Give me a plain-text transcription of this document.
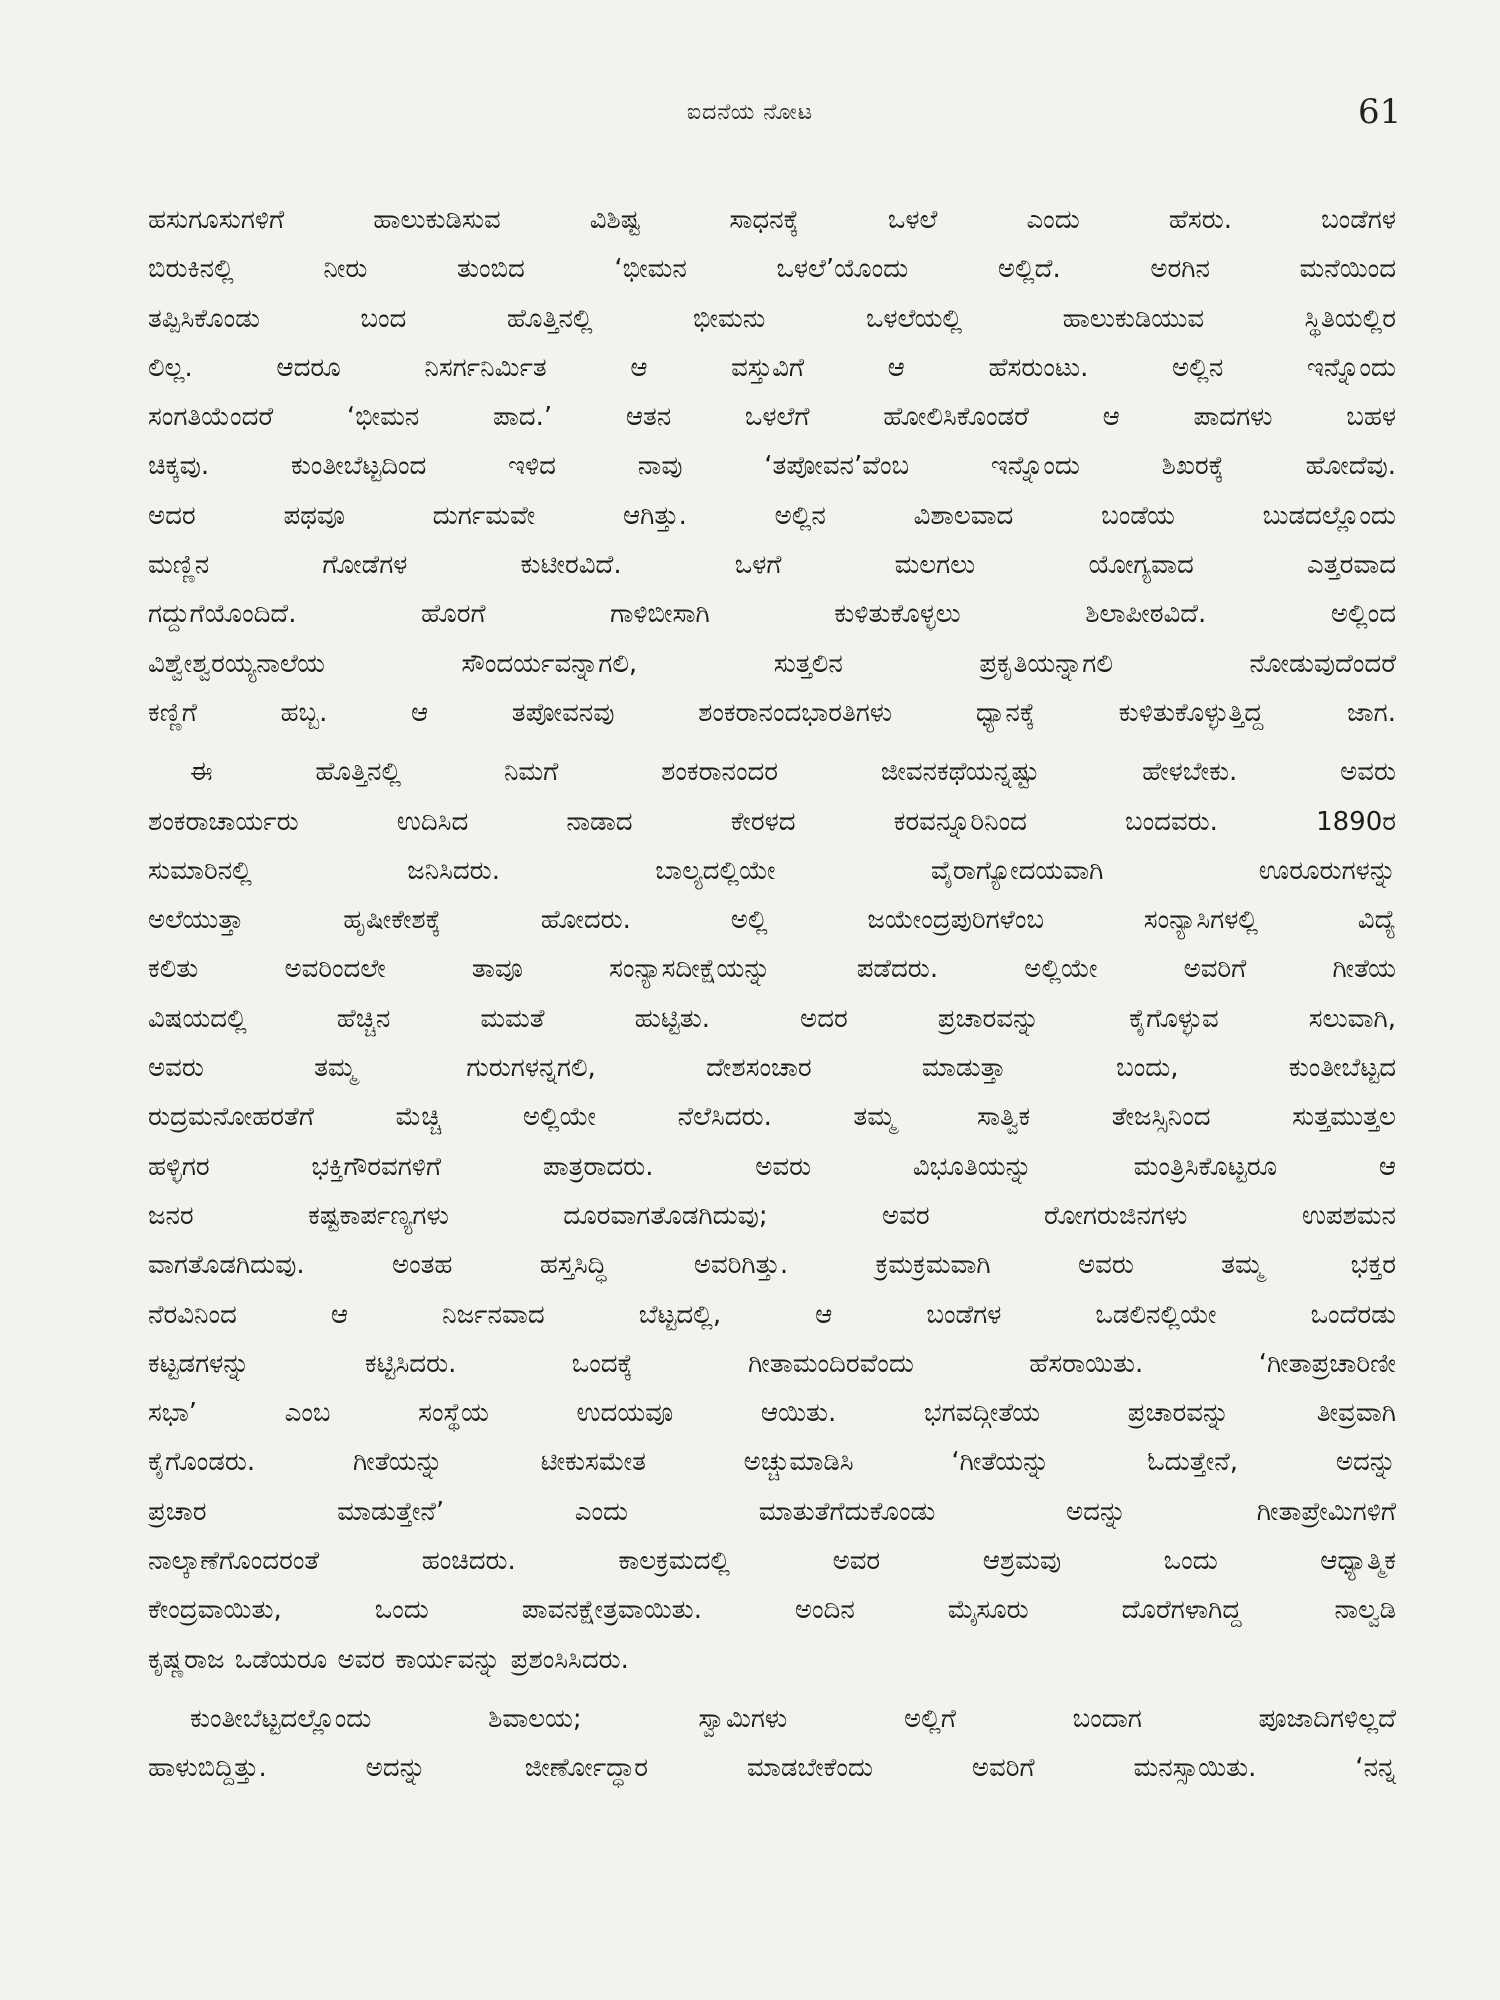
ಐದನೆಯ ನೋಟ	61
ಹಸುಗೂಸುಗಳಿಗೆ ಹಾಲುಕುಡಿಸುವ ವಿಶಿಷ್ಟ ಸಾಧನಕ್ಕೆ ಒಳಲೆ ಎಂದು ಹೆಸರು. ಬಂಡೆಗಳ
ಬಿರುಕಿನಲ್ಲಿ ನೀರು ತುಂಬಿದ ‘ಭೀಮನ ಒಳಲೆ’ಯೊಂದು ಅಲ್ಲಿದೆ. ಅರಗಿನ ಮನೆಯಿಂದ
ತಪ್ಪಿಸಿಕೊಂಡು ಬಂದ ಹೊತ್ತಿನಲ್ಲಿ ಭೀಮನು ಒಳಲೆಯಲ್ಲಿ ಹಾಲುಕುಡಿಯುವ ಸ್ಥಿತಿಯಲ್ಲಿರ
ಲಿಲ್ಲ. ಆದರೂ ನಿಸರ್ಗನಿರ್ಮಿತ ಆ ವಸ್ತುವಿಗೆ ಆ ಹೆಸರುಂಟು. ಅಲ್ಲಿನ ಇನ್ನೊಂದು
ಸಂಗತಿಯೆಂದರೆ ‘ಭೀಮನ ಪಾದ.’ ಆತನ ಒಳಲೆಗೆ ಹೋಲಿಸಿಕೊಂಡರೆ ಆ ಪಾದಗಳು ಬಹಳ
ಚಿಕ್ಕವು. ಕುಂತೀಬೆಟ್ಟದಿಂದ ಇಳಿದ ನಾವು ‘ತಪೋವನ’ವೆಂಬ ಇನ್ನೊಂದು ಶಿಖರಕ್ಕೆ ಹೋದೆವು.
ಅದರ ಪಥವೂ ದುರ್ಗಮವೇ ಆಗಿತ್ತು. ಅಲ್ಲಿನ ವಿಶಾಲವಾದ ಬಂಡೆಯ ಬುಡದಲ್ಲೊಂದು
ಮಣ್ಣಿನ ಗೋಡೆಗಳ ಕುಟೀರವಿದೆ. ಒಳಗೆ ಮಲಗಲು ಯೋಗ್ಯವಾದ ಎತ್ತರವಾದ
ಗದ್ದುಗೆಯೊಂದಿದೆ. ಹೊರಗೆ ಗಾಳಿಬೀಸಾಗಿ ಕುಳಿತುಕೊಳ್ಳಲು ಶಿಲಾಪೀಠವಿದೆ. ಅಲ್ಲಿಂದ
ವಿಶ್ವೇಶ್ವರಯ್ಯನಾಲೆಯ ಸೌಂದರ್ಯವನ್ನಾಗಲಿ, ಸುತ್ತಲಿನ ಪ್ರಕೃತಿಯನ್ನಾಗಲಿ ನೋಡುವುದೆಂದರೆ
ಕಣ್ಣಿಗೆ ಹಬ್ಬ. ಆ ತಪೋವನವು ಶಂಕರಾನಂದಭಾರತಿಗಳು ಧ್ಯಾನಕ್ಕೆ ಕುಳಿತುಕೊಳ್ಳುತ್ತಿದ್ದ ಜಾಗ.
ಈ ಹೊತ್ತಿನಲ್ಲಿ ನಿಮಗೆ ಶಂಕರಾನಂದರ ಜೀವನಕಥೆಯನ್ನಷ್ಟು ಹೇಳಬೇಕು. ಅವರು
ಶಂಕರಾಚಾರ್ಯರು ಉದಿಸಿದ ನಾಡಾದ ಕೇರಳದ ಕರವನ್ನೂರಿನಿಂದ ಬಂದವರು. 1890ರ
ಸುಮಾರಿನಲ್ಲಿ ಜನಿಸಿದರು. ಬಾಲ್ಯದಲ್ಲಿಯೇ ವೈರಾಗ್ಯೋದಯವಾಗಿ ಊರೂರುಗಳನ್ನು
ಅಲೆಯುತ್ತಾ ಹೃಷೀಕೇಶಕ್ಕೆ ಹೋದರು. ಅಲ್ಲಿ ಜಯೇಂದ್ರಪುರಿಗಳೆಂಬ ಸಂನ್ಯಾಸಿಗಳಲ್ಲಿ ವಿದ್ಯೆ
ಕಲಿತು ಅವರಿಂದಲೇ ತಾವೂ ಸಂನ್ಯಾಸದೀಕ್ಷೆಯನ್ನು ಪಡೆದರು. ಅಲ್ಲಿಯೇ ಅವರಿಗೆ ಗೀತೆಯ
ವಿಷಯದಲ್ಲಿ ಹೆಚ್ಚಿನ ಮಮತೆ ಹುಟ್ಟಿತು. ಅದರ ಪ್ರಚಾರವನ್ನು ಕೈಗೊಳ್ಳುವ ಸಲುವಾಗಿ,
ಅವರು ತಮ್ಮ ಗುರುಗಳನ್ನಗಲಿ, ದೇಶಸಂಚಾರ ಮಾಡುತ್ತಾ ಬಂದು, ಕುಂತೀಬೆಟ್ಟದ
ರುದ್ರಮನೋಹರತೆಗೆ ಮೆಚ್ಚಿ ಅಲ್ಲಿಯೇ ನೆಲೆಸಿದರು. ತಮ್ಮ ಸಾತ್ವಿಕ ತೇಜಸ್ಸಿನಿಂದ ಸುತ್ತಮುತ್ತಲ
ಹಳ್ಳಿಗರ ಭಕ್ತಿಗೌರವಗಳಿಗೆ ಪಾತ್ರರಾದರು. ಅವರು ವಿಭೂತಿಯನ್ನು ಮಂತ್ರಿಸಿಕೊಟ್ಟರೂ ಆ
ಜನರ ಕಷ್ಟಕಾರ್ಪಣ್ಯಗಳು ದೂರವಾಗತೊಡಗಿದುವು; ಅವರ ರೋಗರುಜಿನಗಳು ಉಪಶಮನ
ವಾಗತೊಡಗಿದುವು. ಅಂತಹ ಹಸ್ತಸಿದ್ಧಿ ಅವರಿಗಿತ್ತು. ಕ್ರಮಕ್ರಮವಾಗಿ ಅವರು ತಮ್ಮ ಭಕ್ತರ
ನೆರವಿನಿಂದ ಆ ನಿರ್ಜನವಾದ ಬೆಟ್ಟದಲ್ಲಿ, ಆ ಬಂಡೆಗಳ ಒಡಲಿನಲ್ಲಿಯೇ ಒಂದೆರಡು
ಕಟ್ಟಡಗಳನ್ನು ಕಟ್ಟಿಸಿದರು. ಒಂದಕ್ಕೆ ಗೀತಾಮಂದಿರವೆಂದು ಹೆಸರಾಯಿತು. ‘ಗೀತಾಪ್ರಚಾರಿಣೀ
ಸಭಾ’ ಎಂಬ ಸಂಸ್ಥೆಯ ಉದಯವೂ ಆಯಿತು. ಭಗವದ್ಗೀತೆಯ ಪ್ರಚಾರವನ್ನು ತೀವ್ರವಾಗಿ
ಕೈಗೊಂಡರು. ಗೀತೆಯನ್ನು ಟೀಕುಸಮೇತ ಅಚ್ಚುಮಾಡಿಸಿ ‘ಗೀತೆಯನ್ನು ಓದುತ್ತೇನೆ, ಅದನ್ನು
ಪ್ರಚಾರ ಮಾಡುತ್ತೇನೆ’ ಎಂದು ಮಾತುತೆಗೆದುಕೊಂಡು ಅದನ್ನು ಗೀತಾಪ್ರೇಮಿಗಳಿಗೆ
ನಾಲ್ಕಾಣೆಗೊಂದರಂತೆ ಹಂಚಿದರು. ಕಾಲಕ್ರಮದಲ್ಲಿ ಅವರ ಆಶ್ರಮವು ಒಂದು ಆಧ್ಯಾತ್ಮಿಕ
ಕೇಂದ್ರವಾಯಿತು, ಒಂದು ಪಾವನಕ್ಷೇತ್ರವಾಯಿತು. ಅಂದಿನ ಮೈಸೂರು ದೊರೆಗಳಾಗಿದ್ದ ನಾಲ್ವಡಿ
ಕೃಷ್ಣರಾಜ ಒಡೆಯರೂ ಅವರ ಕಾರ್ಯವನ್ನು ಪ್ರಶಂಸಿಸಿದರು.
ಕುಂತೀಬೆಟ್ಟದಲ್ಲೊಂದು ಶಿವಾಲಯ; ಸ್ವಾಮಿಗಳು ಅಲ್ಲಿಗೆ ಬಂದಾಗ ಪೂಜಾದಿಗಳಿಲ್ಲದೆ
ಹಾಳುಬಿದ್ದಿತ್ತು. ಅದನ್ನು ಜೀರ್ಣೋದ್ಧಾರ ಮಾಡಬೇಕೆಂದು ಅವರಿಗೆ ಮನಸ್ಸಾಯಿತು. ‘ನನ್ನ
